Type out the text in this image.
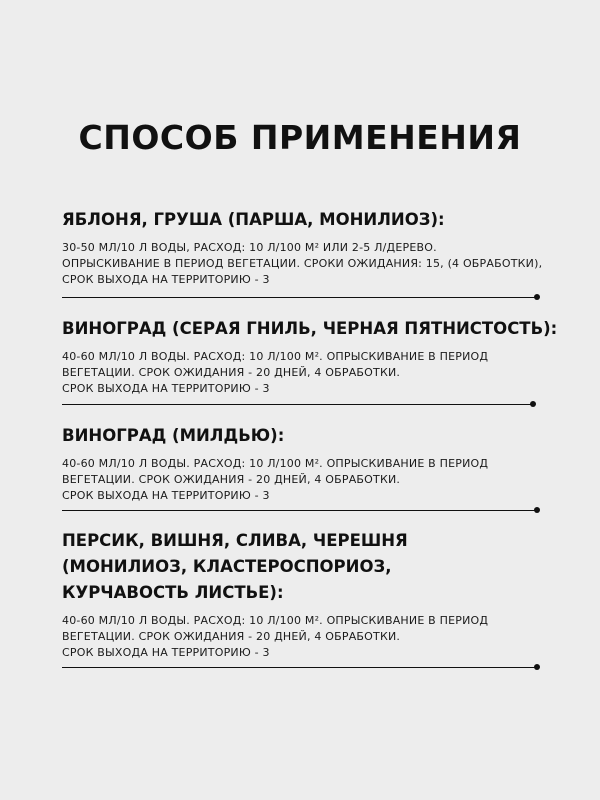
СПОСОБ ПРИМЕНЕНИЯ
ЯБЛОНЯ, ГРУША (ПАРША, МОНИЛИОЗ):

30-50 МЛ/10 Л ВОДЫ, РАСХОД: 10 Л/100 М² ИЛИ 2-5 Л/ДЕРЕВО.

ОПРЫСКИВАНИЕ В ПЕРИОД ВЕГЕТАЦИИ. СРОКИ ОЖИДАНИЯ: 15, (4 ОБРАБОТКИ),

СРОК ВЫХОДА НА ТЕРРИТОРИЮ - 3

ВИНОГРАД (СЕРАЯ ГНИЛЬ, ЧЕРНАЯ ПЯТНИСТОСТЬ):

40-60 МЛ/10 Л ВОДЫ. РАСХОД: 10 Л/100 М². ОПРЫСКИВАНИЕ В ПЕРИОД

ВЕГЕТАЦИИ. СРОК ОЖИДАНИЯ - 20 ДНЕЙ, 4 ОБРАБОТКИ.

СРОК ВЫХОДА НА ТЕРРИТОРИЮ - 3

ВИНОГРАД (МИЛДЬЮ):

40-60 МЛ/10 Л ВОДЫ. РАСХОД: 10 Л/100 М². ОПРЫСКИВАНИЕ В ПЕРИОД

ВЕГЕТАЦИИ. СРОК ОЖИДАНИЯ - 20 ДНЕЙ, 4 ОБРАБОТКИ.

СРОК ВЫХОДА НА ТЕРРИТОРИЮ - 3

ПЕРСИК, ВИШНЯ, СЛИВА, ЧЕРЕШНЯ
(МОНИЛИОЗ, КЛАСТЕРОСПОРИОЗ,
КУРЧАВОСТЬ ЛИСТЬЕ):

40-60 МЛ/10 Л ВОДЫ. РАСХОД: 10 Л/100 М². ОПРЫСКИВАНИЕ В ПЕРИОД

ВЕГЕТАЦИИ. СРОК ОЖИДАНИЯ - 20 ДНЕЙ, 4 ОБРАБОТКИ.

СРОК ВЫХОДА НА ТЕРРИТОРИЮ - 3
